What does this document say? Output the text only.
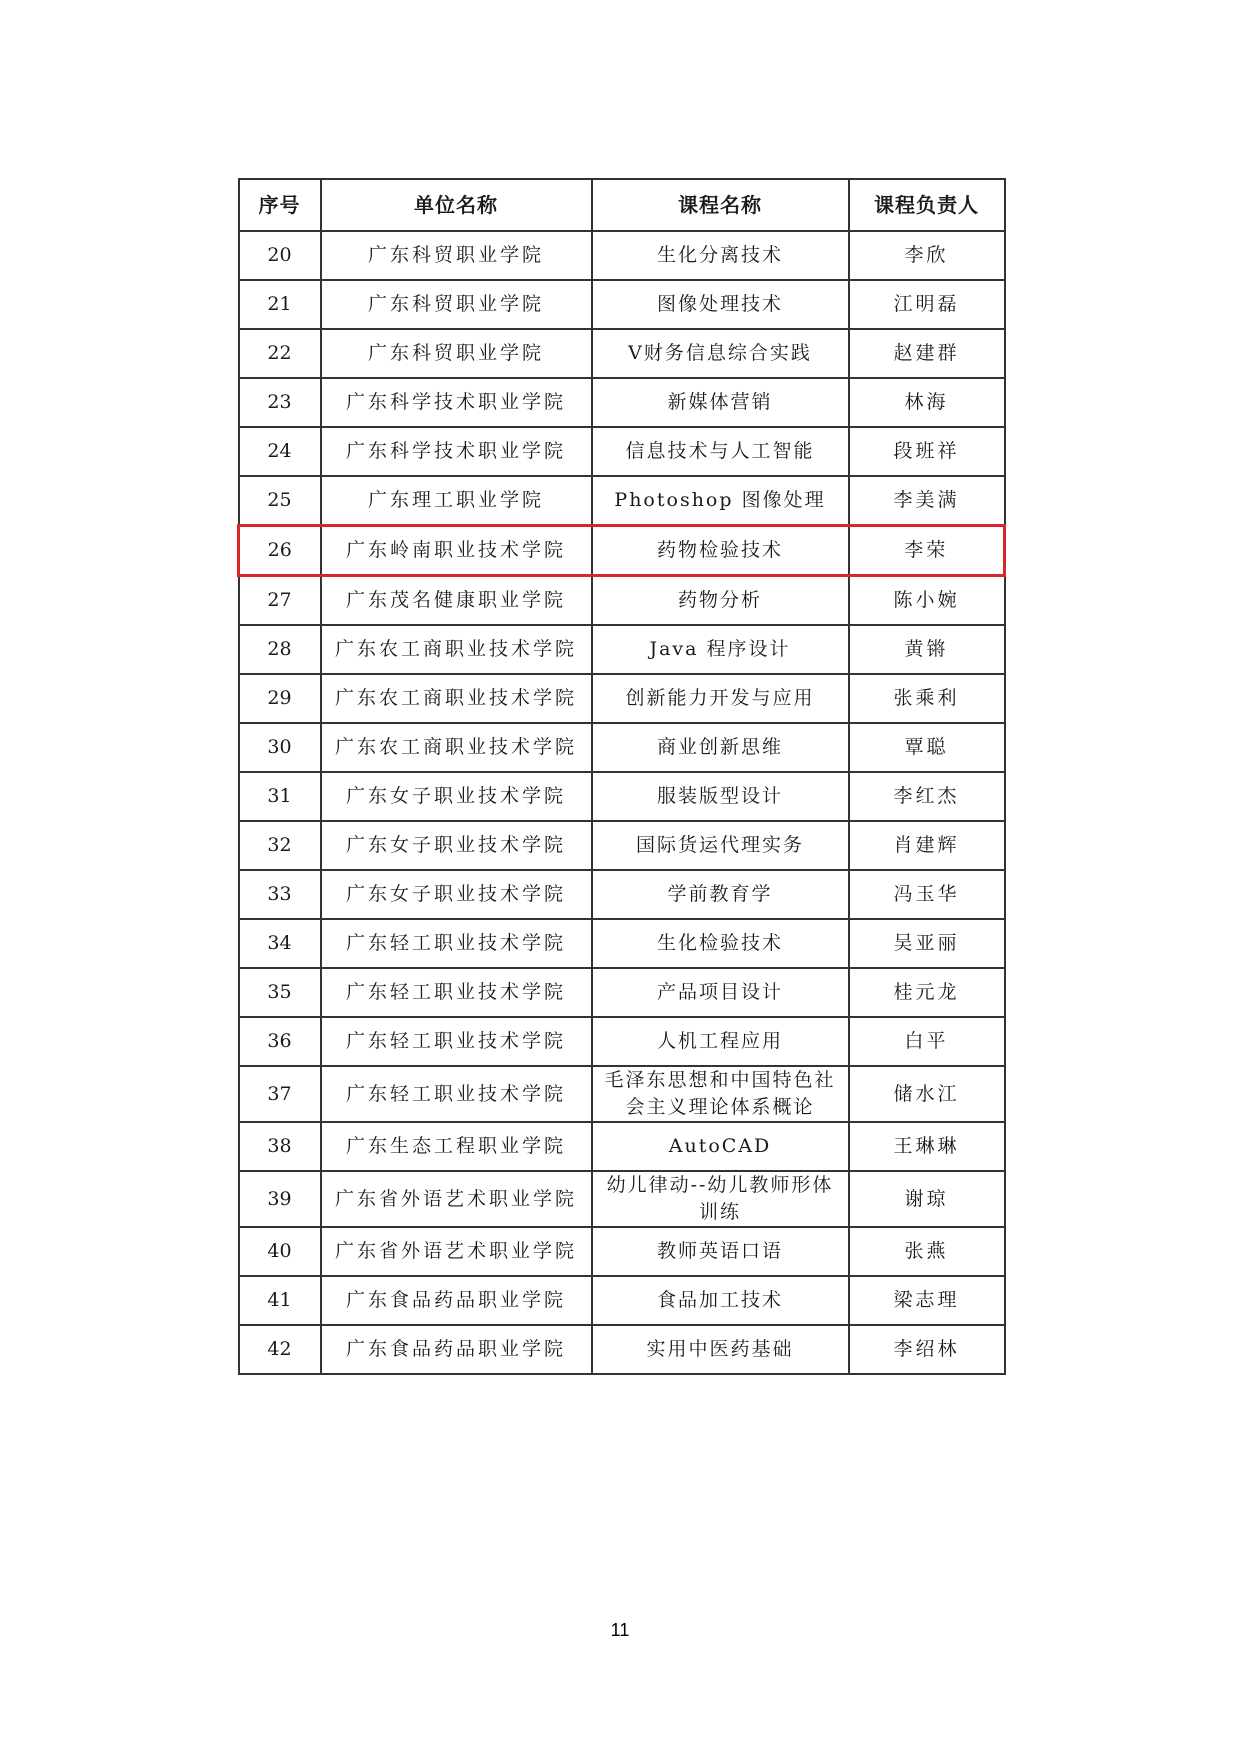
序号	单位名称	课程名称	课程负责人
20	广东科贸职业学院	生化分离技术	李欣
21	广东科贸职业学院	图像处理技术	江明磊
22	广东科贸职业学院	V财务信息综合实践	赵建群
23	广东科学技术职业学院	新媒体营销	林海
24	广东科学技术职业学院	信息技术与人工智能	段班祥
25	广东理工职业学院	Photoshop 图像处理	李美满
26	广东岭南职业技术学院	药物检验技术	李荣
27	广东茂名健康职业学院	药物分析	陈小婉
28	广东农工商职业技术学院	Java 程序设计	黄锵
29	广东农工商职业技术学院	创新能力开发与应用	张乘利
30	广东农工商职业技术学院	商业创新思维	覃聪
31	广东女子职业技术学院	服装版型设计	李红杰
32	广东女子职业技术学院	国际货运代理实务	肖建辉
33	广东女子职业技术学院	学前教育学	冯玉华
34	广东轻工职业技术学院	生化检验技术	吴亚丽
35	广东轻工职业技术学院	产品项目设计	桂元龙
36	广东轻工职业技术学院	人机工程应用	白平
37	广东轻工职业技术学院	毛泽东思想和中国特色社会主义理论体系概论	储水江
38	广东生态工程职业学院	AutoCAD	王琳琳
39	广东省外语艺术职业学院	幼儿律动--幼儿教师形体训练	谢琼
40	广东省外语艺术职业学院	教师英语口语	张燕
41	广东食品药品职业学院	食品加工技术	梁志理
42	广东食品药品职业学院	实用中医药基础	李绍林
11
